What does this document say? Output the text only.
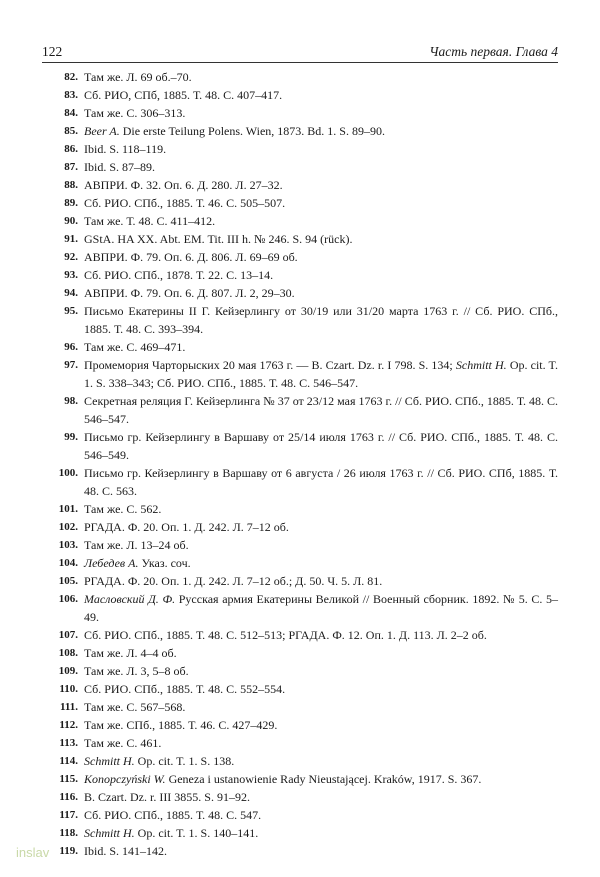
122	Часть первая. Глава 4
82. Там же. Л. 69 об.–70.
83. Сб. РИО, СПб, 1885. Т. 48. С. 407–417.
84. Там же. С. 306–313.
85. Beer A. Die erste Teilung Polens. Wien, 1873. Bd. 1. S. 89–90.
86. Ibid. S. 118–119.
87. Ibid. S. 87–89.
88. АВПРИ. Ф. 32. Оп. 6. Д. 280. Л. 27–32.
89. Сб. РИО. СПб., 1885. Т. 46. С. 505–507.
90. Там же. Т. 48. С. 411–412.
91. GStA. HA XX. Abt. EM. Tit. III h. № 246. S. 94 (rück).
92. АВПРИ. Ф. 79. Оп. 6. Д. 806. Л. 69–69 об.
93. Сб. РИО. СПб., 1878. Т. 22. С. 13–14.
94. АВПРИ. Ф. 79. Оп. 6. Д. 807. Л. 2, 29–30.
95. Письмо Екатерины II Г. Кейзерлингу от 30/19 или 31/20 марта 1763 г. // Сб. РИО. СПб., 1885. Т. 48. С. 393–394.
96. Там же. С. 469–471.
97. Промемория Чарторыских 20 мая 1763 г. — B. Czart. Dz. r. I 798. S. 134; Schmitt H. Op. cit. T. 1. S. 338–343; Сб. РИО. СПб., 1885. Т. 48. С. 546–547.
98. Секретная реляция Г. Кейзерлинга № 37 от 23/12 мая 1763 г. // Сб. РИО. СПб., 1885. Т. 48. С. 546–547.
99. Письмо гр. Кейзерлингу в Варшаву от 25/14 июля 1763 г. // Сб. РИО. СПб., 1885. Т. 48. С. 546–549.
100. Письмо гр. Кейзерлингу в Варшаву от 6 августа / 26 июля 1763 г. // Сб. РИО. СПб, 1885. Т. 48. С. 563.
101. Там же. С. 562.
102. РГАДА. Ф. 20. Оп. 1. Д. 242. Л. 7–12 об.
103. Там же. Л. 13–24 об.
104. Лебедев А. Указ. соч.
105. РГАДА. Ф. 20. Оп. 1. Д. 242. Л. 7–12 об.; Д. 50. Ч. 5. Л. 81.
106. Масловский Д. Ф. Русская армия Екатерины Великой // Военный сборник. 1892. № 5. С. 5–49.
107. Сб. РИО. СПб., 1885. Т. 48. С. 512–513; РГАДА. Ф. 12. Оп. 1. Д. 113. Л. 2–2 об.
108. Там же. Л. 4–4 об.
109. Там же. Л. 3, 5–8 об.
110. Сб. РИО. СПб., 1885. Т. 48. С. 552–554.
111. Там же. С. 567–568.
112. Там же. СПб., 1885. Т. 46. С. 427–429.
113. Там же. С. 461.
114. Schmitt H. Op. cit. T. 1. S. 138.
115. Konopczyński W. Geneza i ustanowienie Rady Nieustającej. Kraków, 1917. S. 367.
116. B. Czart. Dz. r. III 3855. S. 91–92.
117. Сб. РИО. СПб., 1885. Т. 48. С. 547.
118. Schmitt H. Op. cit. T. 1. S. 140–141.
119. Ibid. S. 141–142.
inslav
